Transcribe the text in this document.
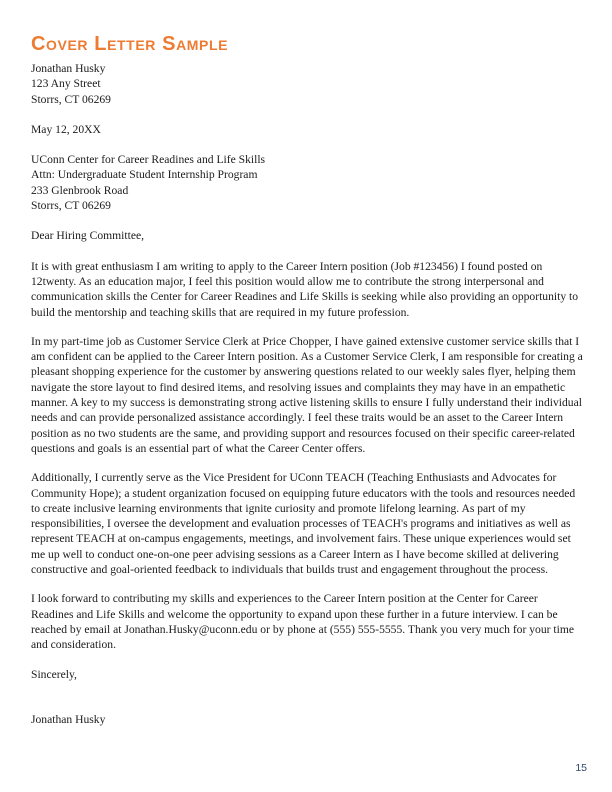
Cover Letter Sample
Jonathan Husky
123 Any Street
Storrs, CT 06269
May 12, 20XX
UConn Center for Career Readines and Life Skills
Attn: Undergraduate Student Internship Program
233 Glenbrook Road
Storrs, CT 06269
Dear Hiring Committee,

It is with great enthusiasm I am writing to apply to the Career Intern position (Job #123456) I found posted on 12twenty. As an education major, I feel this position would allow me to contribute the strong interpersonal and communication skills the Center for Career Readines and Life Skills is seeking while also providing an opportunity to build the mentorship and teaching skills that are required in my future profession.

In my part-time job as Customer Service Clerk at Price Chopper, I have gained extensive customer service skills that I am confident can be applied to the Career Intern position. As a Customer Service Clerk, I am responsible for creating a pleasant shopping experience for the customer by answering questions related to our weekly sales flyer, helping them navigate the store layout to find desired items, and resolving issues and complaints they may have in an empathetic manner. A key to my success is demonstrating strong active listening skills to ensure I fully understand their individual needs and can provide personalized assistance accordingly. I feel these traits would be an asset to the Career Intern position as no two students are the same, and providing support and resources focused on their specific career-related questions and goals is an essential part of what the Career Center offers.

Additionally, I currently serve as the Vice President for UConn TEACH (Teaching Enthusiasts and Advocates for Community Hope); a student organization focused on equipping future educators with the tools and resources needed to create inclusive learning environments that ignite curiosity and promote lifelong learning. As part of my responsibilities, I oversee the development and evaluation processes of TEACH's programs and initiatives as well as represent TEACH at on-campus engagements, meetings, and involvement fairs. These unique experiences would set me up well to conduct one-on-one peer advising sessions as a Career Intern as I have become skilled at delivering constructive and goal-oriented feedback to individuals that builds trust and engagement throughout the process.

I look forward to contributing my skills and experiences to the Career Intern position at the Center for Career Readines and Life Skills and welcome the opportunity to expand upon these further in a future interview. I can be reached by email at Jonathan.Husky@uconn.edu or by phone at (555) 555-5555. Thank you very much for your time and consideration.

Sincerely,
Jonathan Husky
15
